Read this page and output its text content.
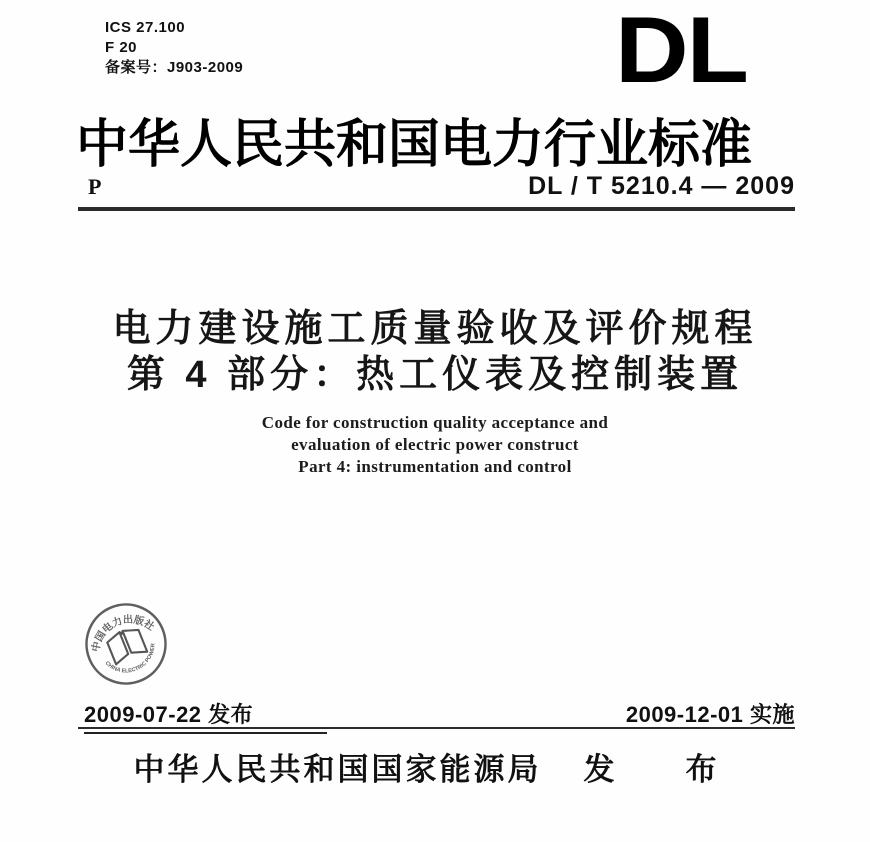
ICS 27.100
F 20
备案号：J903-2009	DL
中华人民共和国电力行业标准
P	DL / T 5210.4 — 2009
电力建设施工质量验收及评价规程
第 4 部分：热工仪表及控制装置
Code for construction quality acceptance and
evaluation of electric power construct
Part 4: instrumentation and control
中国电力出版社
CHINA ELECTRIC POWER
2009-07-22 发布	2009-12-01 实施
中华人民共和国国家能源局 发　布
